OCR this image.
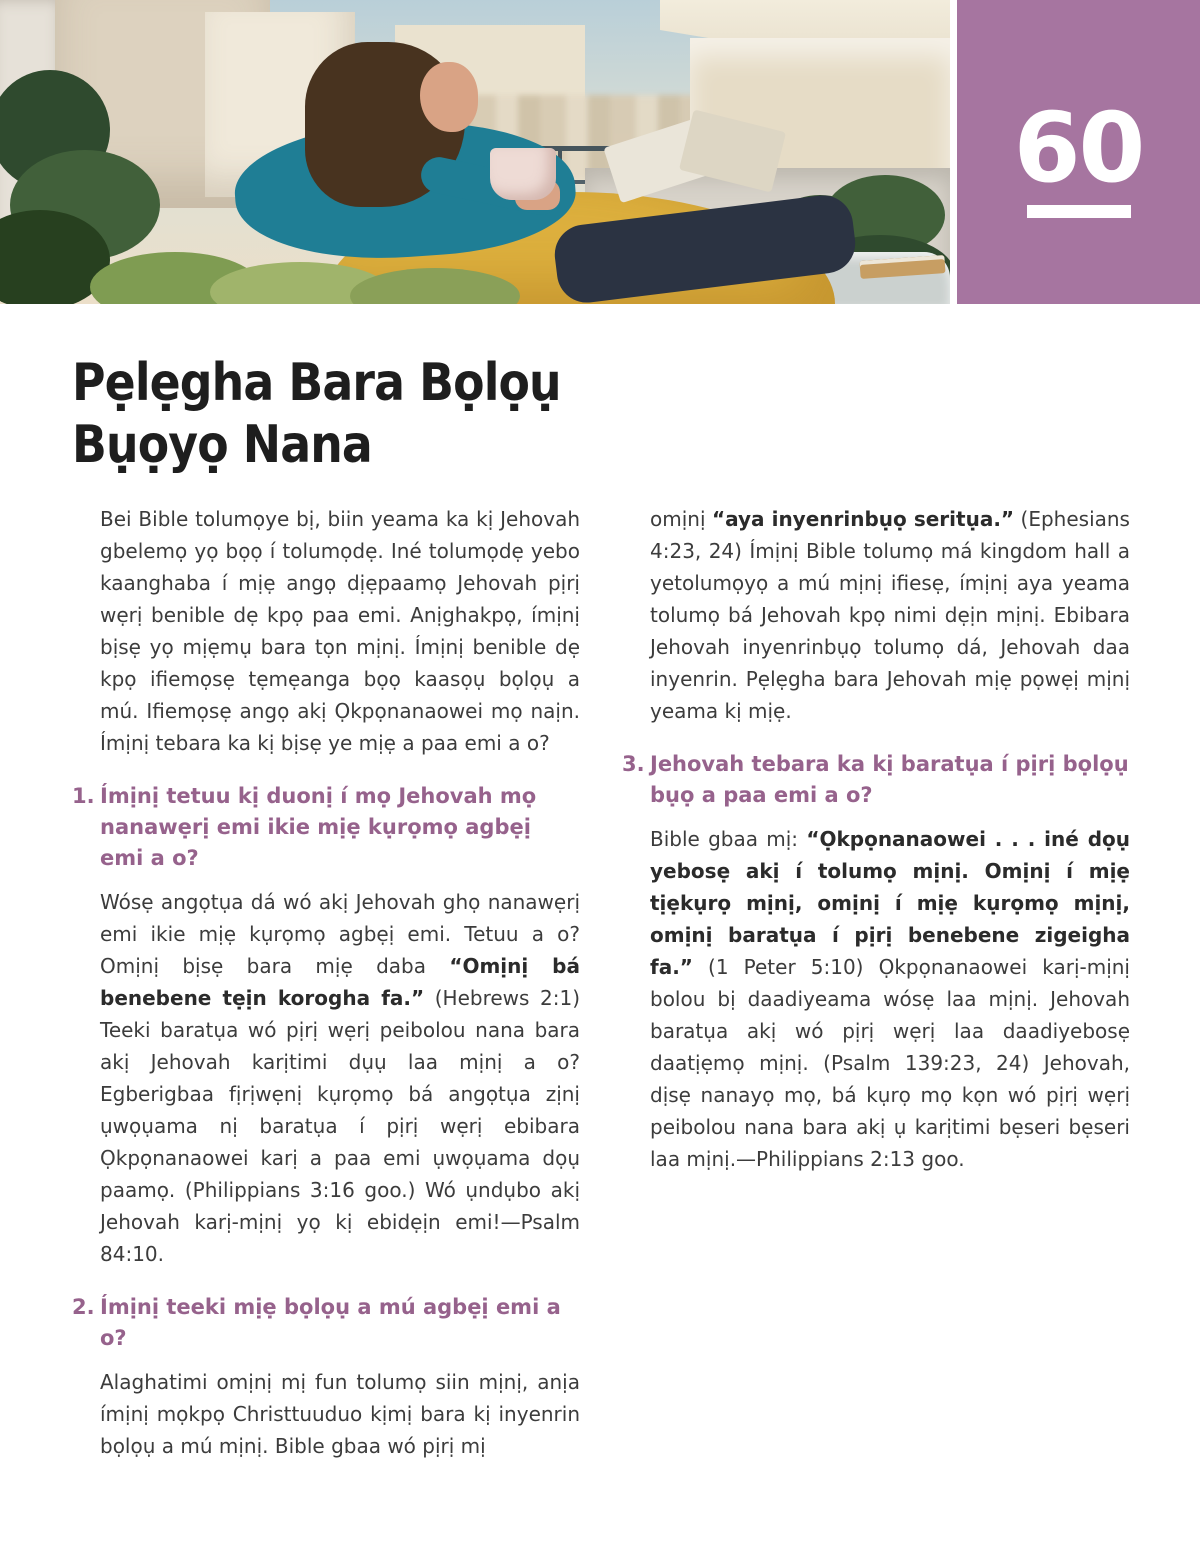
60
Pẹlẹgha Bara Bọlọụ
Bụọyọ Nana

Bei Bible tolumọye bị, biin yeama ka kị Jehovah gbelemọ yọ bọọ í tolumọdẹ. Iné tolumọdẹ yebo kaanghaba í mịẹ angọ dịẹpaamọ Jehovah pịrị wẹrị benible dẹ kpọ paa emi. Anịghakpọ, ímịnị bịsẹ yọ mịẹmụ bara tọn mịnị. Ímịnị benible dẹ kpọ ifiemọsẹ tẹmẹanga bọọ kaasọụ bọlọụ a mú. Ifiemọsẹ angọ akị Ọkpọnanaowei mọ naịn. Ímịnị tebara ka kị bịsẹ ye mịẹ a paa emi a o?

1. Ímịnị tetuu kị duonị í mọ Jehovah mọ nanawẹrị emi ikie mịẹ kụrọmọ agbẹị emi a o?

Wósẹ angọtụa dá wó akị Jehovah ghọ nanawẹrị emi ikie mịẹ kụrọmọ agbẹị emi. Tetuu a o? Omịnị bịsẹ bara mịẹ daba “Omịnị bá benebene tẹịn korogha fa.” (Hebrews 2:1) Teeki baratụa wó pịrị wẹrị peibolou nana bara akị Jehovah karịtimi dụụ laa mịnị a o? Egberigbaa fịrịwẹnị kụrọmọ bá angọtụa zịnị ụwọụama nị baratụa í pịrị wẹrị ebibara Ọkpọnanaowei karị a paa emi ụwọụama dọụ paamọ. (Philippians 3:16 goo.) Wó ụndụbo akị Jehovah karị-mịnị yọ kị ebidẹịn emi!—Psalm 84:10.

2. Ímịnị teeki mịẹ bọlọụ a mú agbẹị emi a o?

Alaghatimi omịnị mị fun tolumọ siin mịnị, anịa ímịnị mọkpọ Christtuuduo kịmị bara kị inyenrin bọlọụ a mú mịnị. Bible gbaa wó pịrị mị

omịnị “aya inyenrinbụọ seritụa.” (Ephesians 4:23, 24) Ímịnị Bible tolumọ má kingdom hall a yetolumọyọ a mú mịnị ifiesẹ, ímịnị aya yeama tolumọ bá Jehovah kpọ nimi dẹịn mịnị. Ebibara Jehovah inyenrinbụọ tolumọ dá, Jehovah daa inyenrin. Pẹlẹgha bara Jehovah mịẹ pọwẹị mịnị yeama kị mịẹ.

3. Jehovah tebara ka kị baratụa í pịrị bọlọụ bụọ a paa emi a o?

Bible gbaa mị: “Ọkpọnanaowei . . . iné dọụ yebosẹ akị í tolumọ mịnị. Omịnị í mịẹ tịẹkụrọ mịnị, omịnị í mịẹ kụrọmọ mịnị, omịnị baratụa í pịrị benebene zigeigha fa.” (1 Peter 5:10) Ọkpọnanaowei karị-mịnị bolou bị daadiyeama wósẹ laa mịnị. Jehovah baratụa akị wó pịrị wẹrị laa daadiyebosẹ daatịẹmọ mịnị. (Psalm 139:23, 24) Jehovah, dịsẹ nanayọ mọ, bá kụrọ mọ kọn wó pịrị wẹrị peibolou nana bara akị ụ karịtimi bẹseri bẹseri laa mịnị.—Philippians 2:13 goo.
